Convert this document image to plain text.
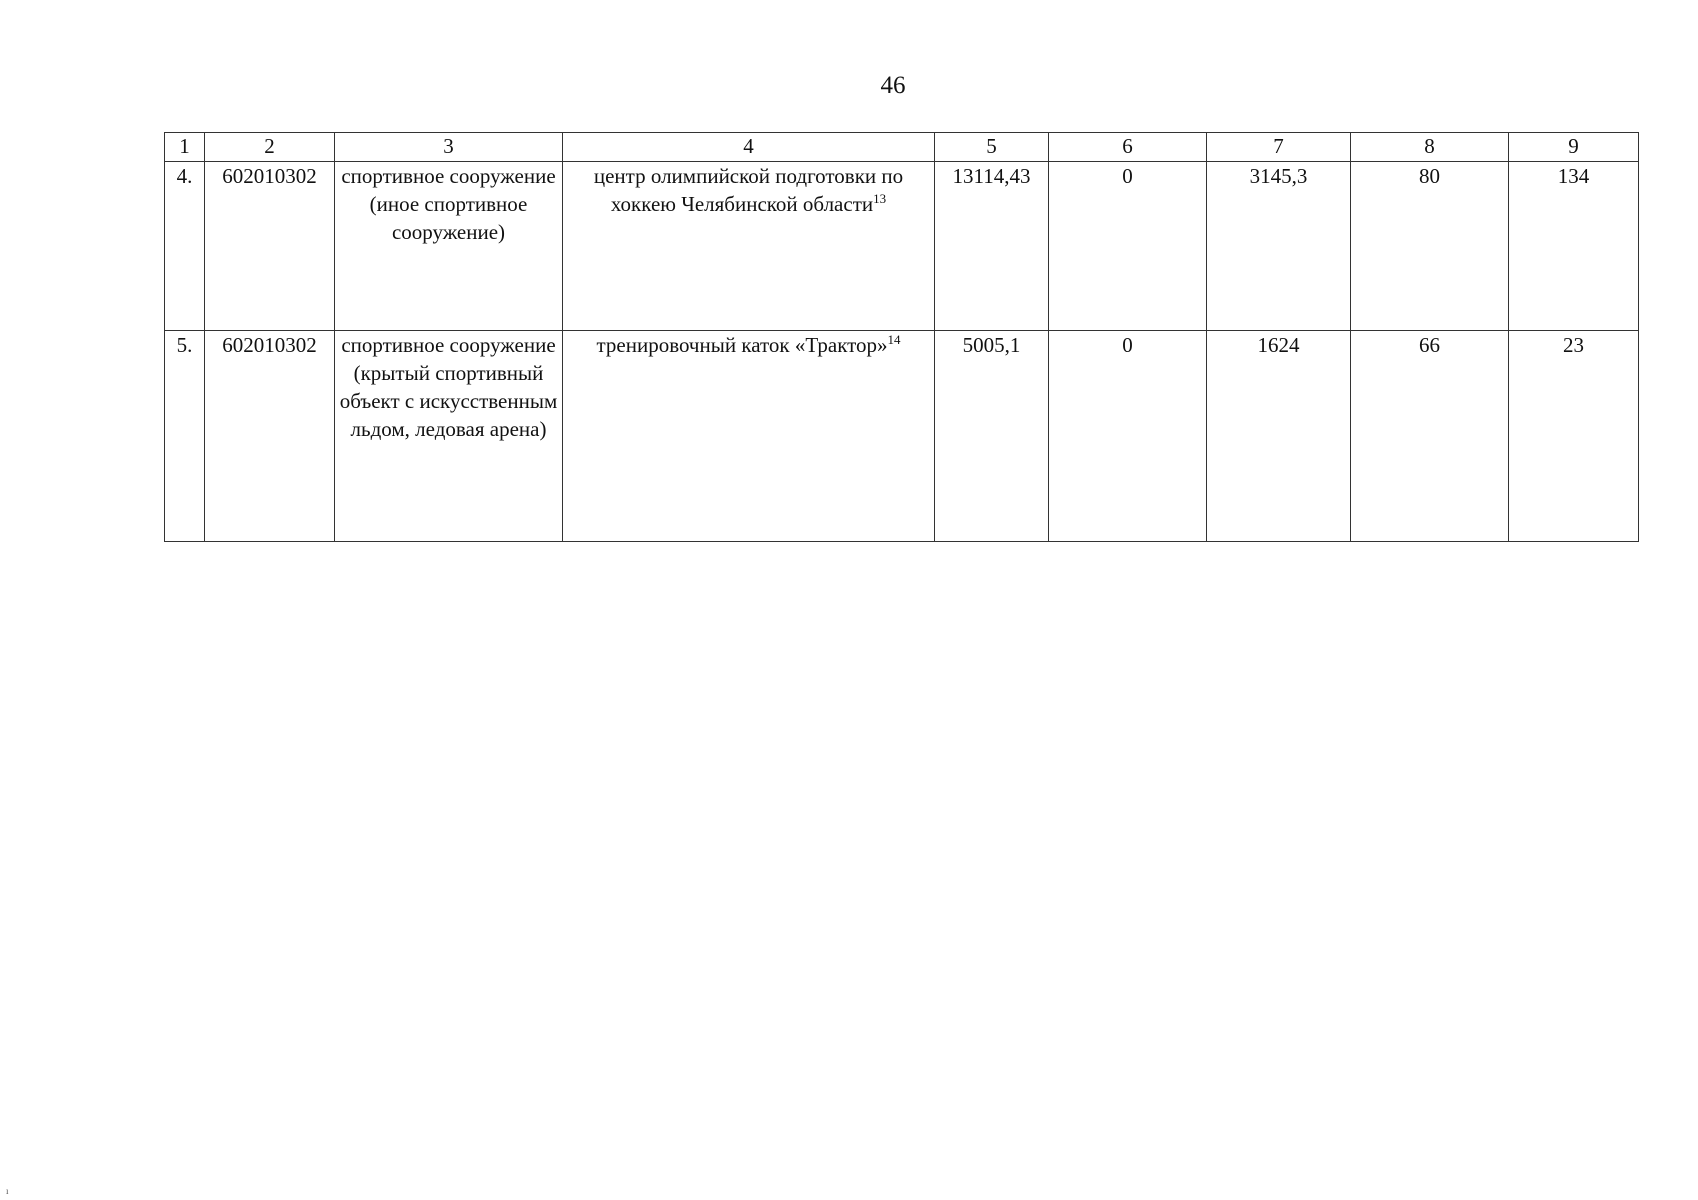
46
1	2	3	4	5	6	7	8	9
4.	602010302	спортивное сооружение (иное спортивное сооружение)	центр олимпийской подготовки по хоккею Челябинской области$^{13}$	13114,43	0	3145,3	80	134
5.	602010302	спортивное сооружение (крытый спортивный объект с искусственным льдом, ледовая арена)	тренировочный каток «Трактор»$^{14}$	5005,1	0	1624	66	23
ı
